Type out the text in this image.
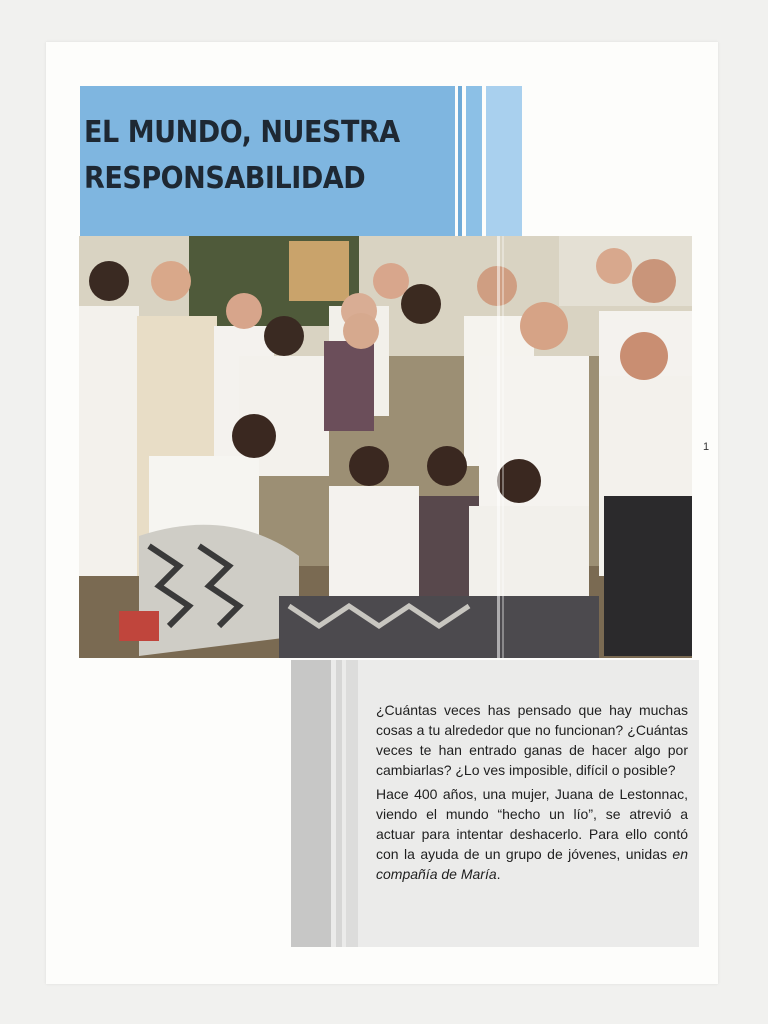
EL MUNDO, NUESTRA
RESPONSABILIDAD
1

¿Cuántas veces has pensado que hay muchas cosas a tu alrededor que no funcionan? ¿Cuántas veces te han entrado ganas de hacer algo por cambiarlas? ¿Lo ves imposible, difícil o posible?

Hace 400 años, una mujer, Juana de Lestonnac, viendo el mundo “hecho un lío”, se atrevió a actuar para intentar deshacerlo. Para ello contó con la ayuda de un grupo de jóvenes, unidas en compañía de María.
